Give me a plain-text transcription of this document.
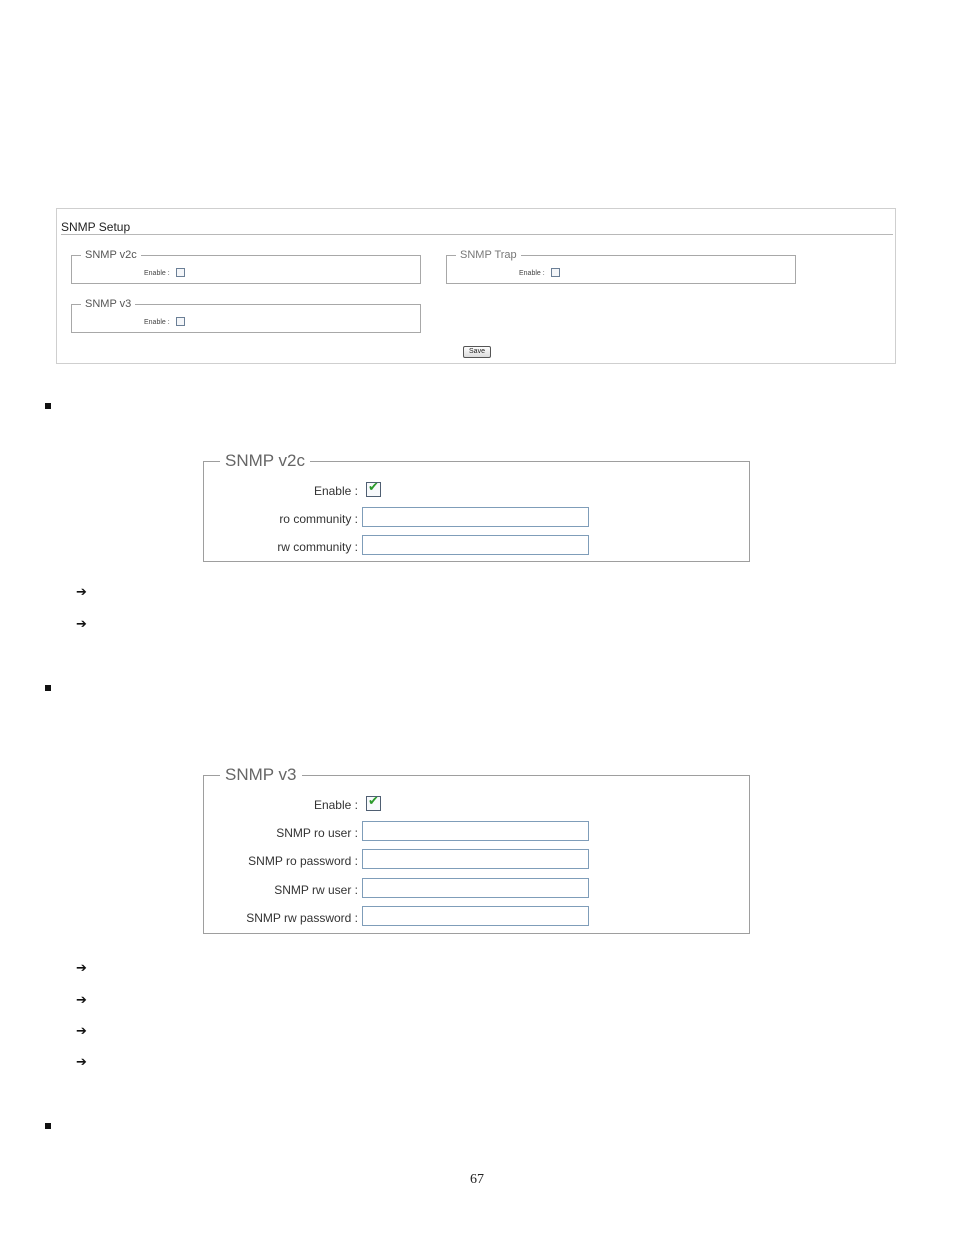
SNMP Setup
SNMP v2c
Enable :
SNMP Trap
Enable :
SNMP v3
Enable :
Save
SNMP v2c
Enable : ✔
ro community :
rw community :
➔
➔
SNMP v3
Enable : ✔
SNMP ro user :
SNMP ro password :
SNMP rw user :
SNMP rw password :
➔
➔
➔
➔
67
